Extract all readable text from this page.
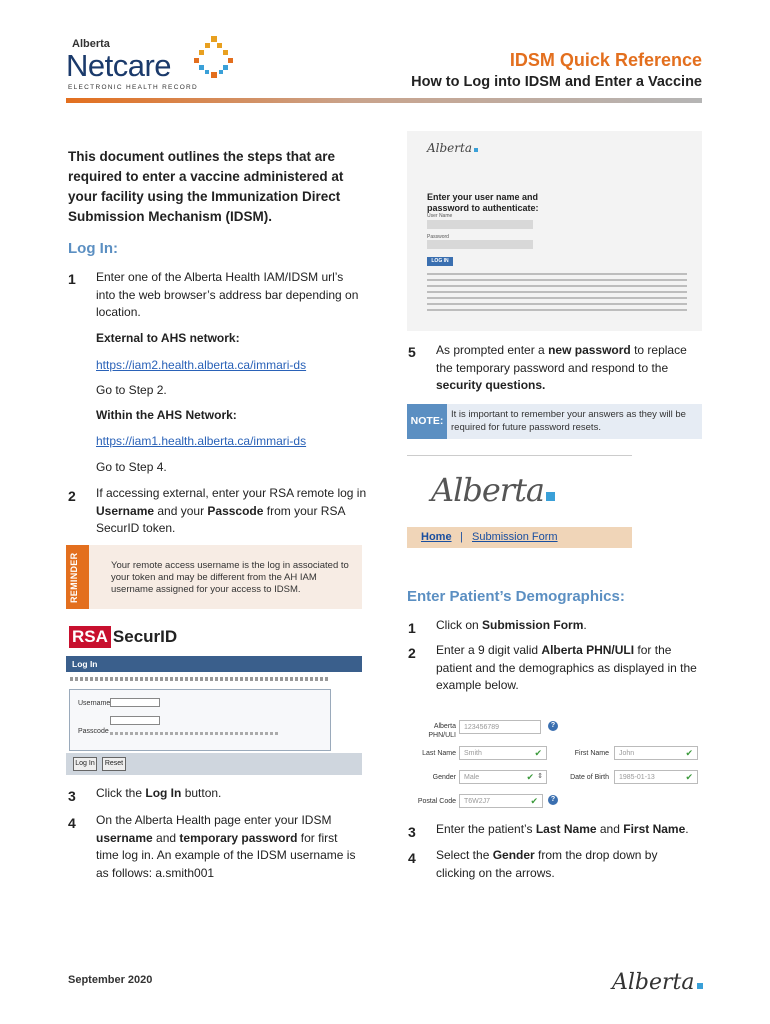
Alberta
Netcare
ELECTRONIC HEALTH RECORD
IDSM Quick Reference
How to Log into IDSM and Enter a Vaccine
This document outlines the steps that are required to enter a vaccine administered at your facility using the Immunization Direct Submission Mechanism (IDSM).
Log In:
1 Enter one of the Alberta Health IAM/IDSM url’s into the web browser’s address bar depending on location.
External to AHS network:
https://iam2.health.alberta.ca/immari-ds
Go to Step 2.
Within the AHS Network:
https://iam1.health.alberta.ca/immari-ds
Go to Step 4.
2 If accessing external, enter your RSA remote log in Username and your Passcode from your RSA SecurID token.
REMINDER	Your remote access username is the log in associated to your token and may be different from the AH IAM username assigned for your access to IDSM.
RSA SecurID
Log In
Username
Passcode
Log In	Reset
3 Click the Log In button.
4 On the Alberta Health page enter your IDSM username and temporary password for first time log in. An example of the IDSM username is as follows: a.smith001
Alberta
Enter your user name and password to authenticate:
User Name
Password
LOG IN
5 As prompted enter a new password to replace the temporary password and respond to the security questions.
NOTE:
It is important to remember your answers as they will be required for future password resets.
Alberta
Home | Submission Form
Enter Patient’s Demographics:
1 Click on Submission Form.
2 Enter a 9 digit valid Alberta PHN/ULI for the patient and the demographics as displayed in the example below.
Alberta PHN/ULI
123456789	?
Last Name	Smith	✔	First Name	John	✔
Gender	Male	✔ ⇕	Date of Birth	1985-01-13	✔
Postal Code	T6W2J7	✔	?
3 Enter the patient’s Last Name and First Name.
4 Select the Gender from the drop down by clicking on the arrows.
September 2020	Alberta
